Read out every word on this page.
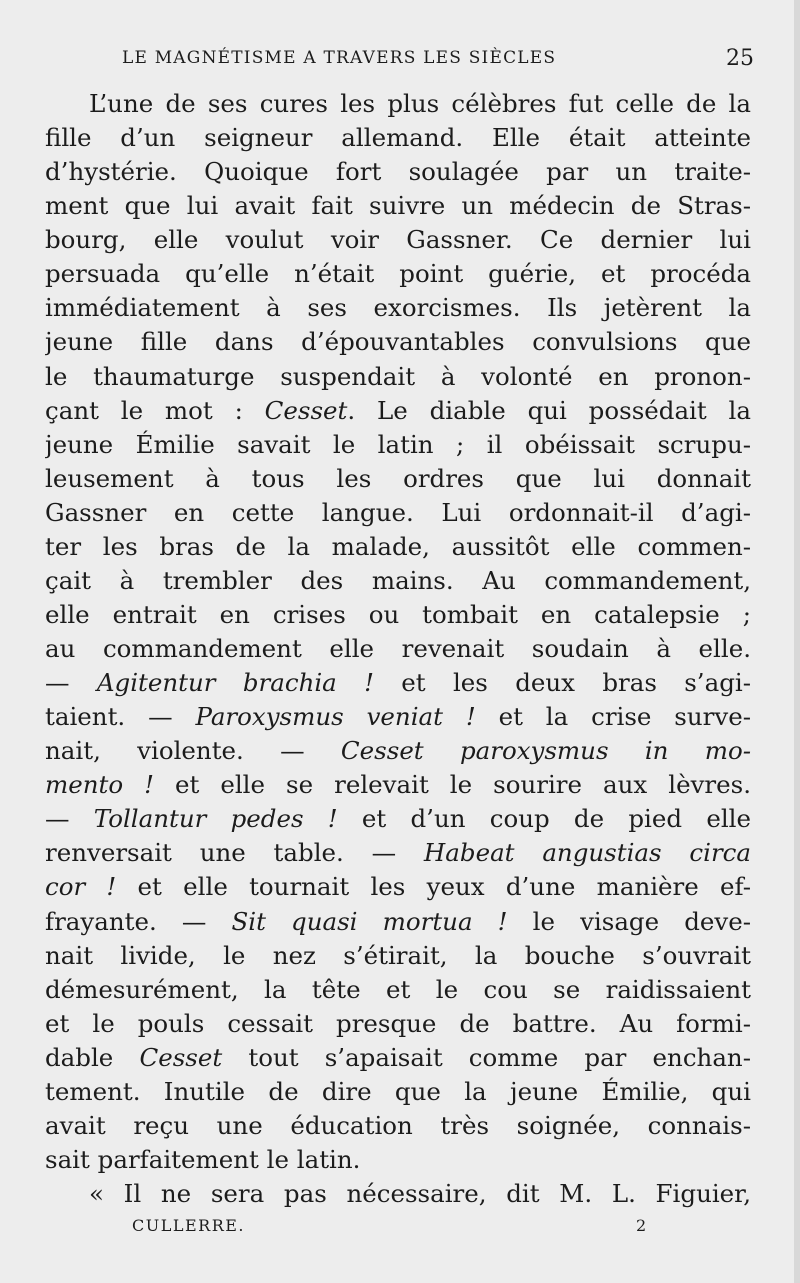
LE MAGNÉTISME A TRAVERS LES SIÈCLES	25
L’une de ses cures les plus célèbres fut celle de la
fille d’un seigneur allemand. Elle était atteinte
d’hystérie. Quoique fort soulagée par un traite-
ment que lui avait fait suivre un médecin de Stras-
bourg, elle voulut voir Gassner. Ce dernier lui
persuada qu’elle n’était point guérie, et procéda
immédiatement à ses exorcismes. Ils jetèrent la
jeune fille dans d’épouvantables convulsions que
le thaumaturge suspendait à volonté en pronon-
çant le mot : Cesset. Le diable qui possédait la
jeune Émilie savait le latin ; il obéissait scrupu-
leusement à tous les ordres que lui donnait
Gassner en cette langue. Lui ordonnait-il d’agi-
ter les bras de la malade, aussitôt elle commen-
çait à trembler des mains. Au commandement,
elle entrait en crises ou tombait en catalepsie ;
au commandement elle revenait soudain à elle.
— Agitentur brachia ! et les deux bras s’agi-
taient. — Paroxysmus veniat ! et la crise surve-
nait, violente. — Cesset paroxysmus in mo-
mento ! et elle se relevait le sourire aux lèvres.
— Tollantur pedes ! et d’un coup de pied elle
renversait une table. — Habeat angustias circa
cor ! et elle tournait les yeux d’une manière ef-
frayante. — Sit quasi mortua ! le visage deve-
nait livide, le nez s’étirait, la bouche s’ouvrait
démesurément, la tête et le cou se raidissaient
et le pouls cessait presque de battre. Au formi-
dable Cesset tout s’apaisait comme par enchan-
tement. Inutile de dire que la jeune Émilie, qui
avait reçu une éducation très soignée, connais-
sait parfaitement le latin.
« Il ne sera pas nécessaire, dit M. L. Figuier,
CULLERRE.	2
